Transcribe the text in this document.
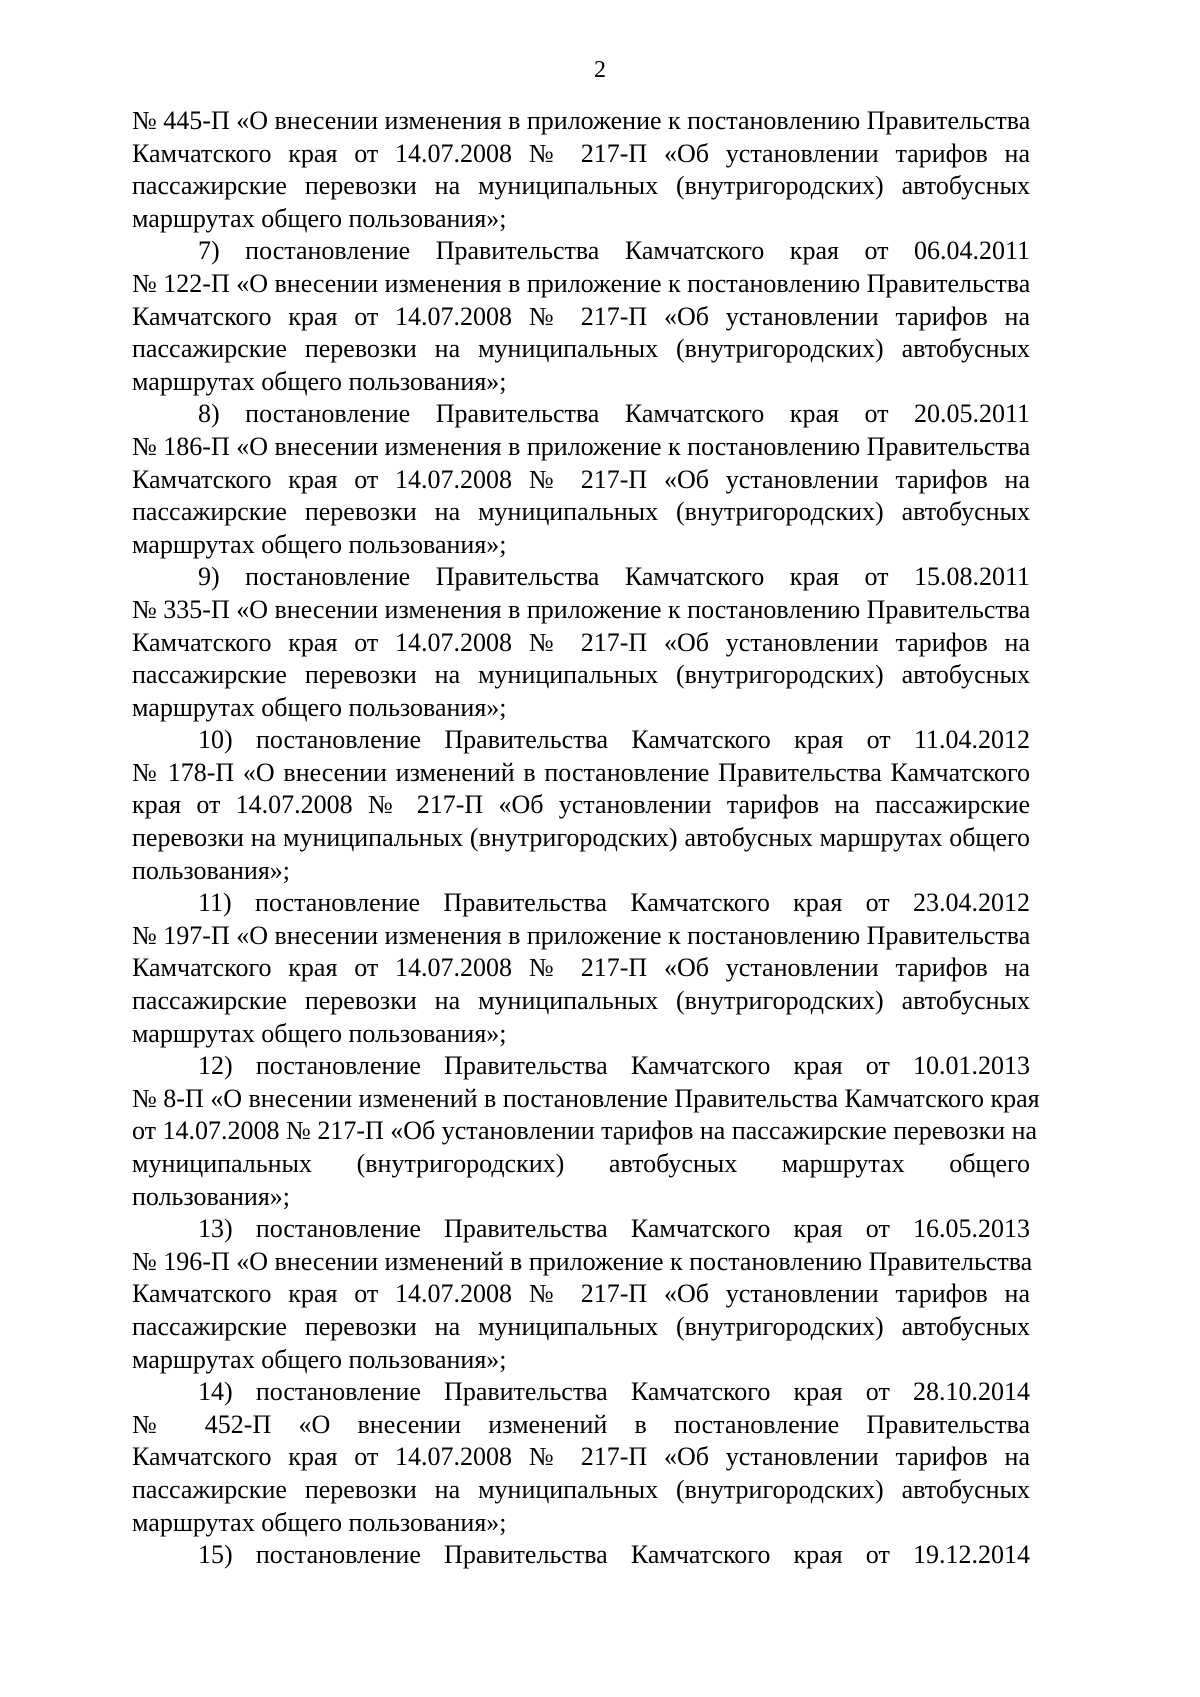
2
№ 445-П «О внесении изменения в приложение к постановлению Правительства
Камчатского края от 14.07.2008 № 217-П «Об установлении тарифов на
пассажирские перевозки на муниципальных (внутригородских) автобусных
маршрутах общего пользования»;
7) постановление Правительства Камчатского края от 06.04.2011
№ 122-П «О внесении изменения в приложение к постановлению Правительства
Камчатского края от 14.07.2008 № 217-П «Об установлении тарифов на
пассажирские перевозки на муниципальных (внутригородских) автобусных
маршрутах общего пользования»;
8) постановление Правительства Камчатского края от 20.05.2011
№ 186-П «О внесении изменения в приложение к постановлению Правительства
Камчатского края от 14.07.2008 № 217-П «Об установлении тарифов на
пассажирские перевозки на муниципальных (внутригородских) автобусных
маршрутах общего пользования»;
9) постановление Правительства Камчатского края от 15.08.2011
№ 335-П «О внесении изменения в приложение к постановлению Правительства
Камчатского края от 14.07.2008 № 217-П «Об установлении тарифов на
пассажирские перевозки на муниципальных (внутригородских) автобусных
маршрутах общего пользования»;
10) постановление Правительства Камчатского края от 11.04.2012
№ 178-П «О внесении изменений в постановление Правительства Камчатского
края от 14.07.2008 № 217-П «Об установлении тарифов на пассажирские
перевозки на муниципальных (внутригородских) автобусных маршрутах общего
пользования»;
11) постановление Правительства Камчатского края от 23.04.2012
№ 197-П «О внесении изменения в приложение к постановлению Правительства
Камчатского края от 14.07.2008 № 217-П «Об установлении тарифов на
пассажирские перевозки на муниципальных (внутригородских) автобусных
маршрутах общего пользования»;
12) постановление Правительства Камчатского края от 10.01.2013
№ 8-П «О внесении изменений в постановление Правительства Камчатского края
от 14.07.2008 № 217-П «Об установлении тарифов на пассажирские перевозки на
муниципальных (внутригородских) автобусных маршрутах общего
пользования»;
13) постановление Правительства Камчатского края от 16.05.2013
№ 196-П «О внесении изменений в приложение к постановлению Правительства
Камчатского края от 14.07.2008 № 217-П «Об установлении тарифов на
пассажирские перевозки на муниципальных (внутригородских) автобусных
маршрутах общего пользования»;
14) постановление Правительства Камчатского края от 28.10.2014
№ 452-П «О внесении изменений в постановление Правительства
Камчатского края от 14.07.2008 № 217-П «Об установлении тарифов на
пассажирские перевозки на муниципальных (внутригородских) автобусных
маршрутах общего пользования»;
15) постановление Правительства Камчатского края от 19.12.2014
